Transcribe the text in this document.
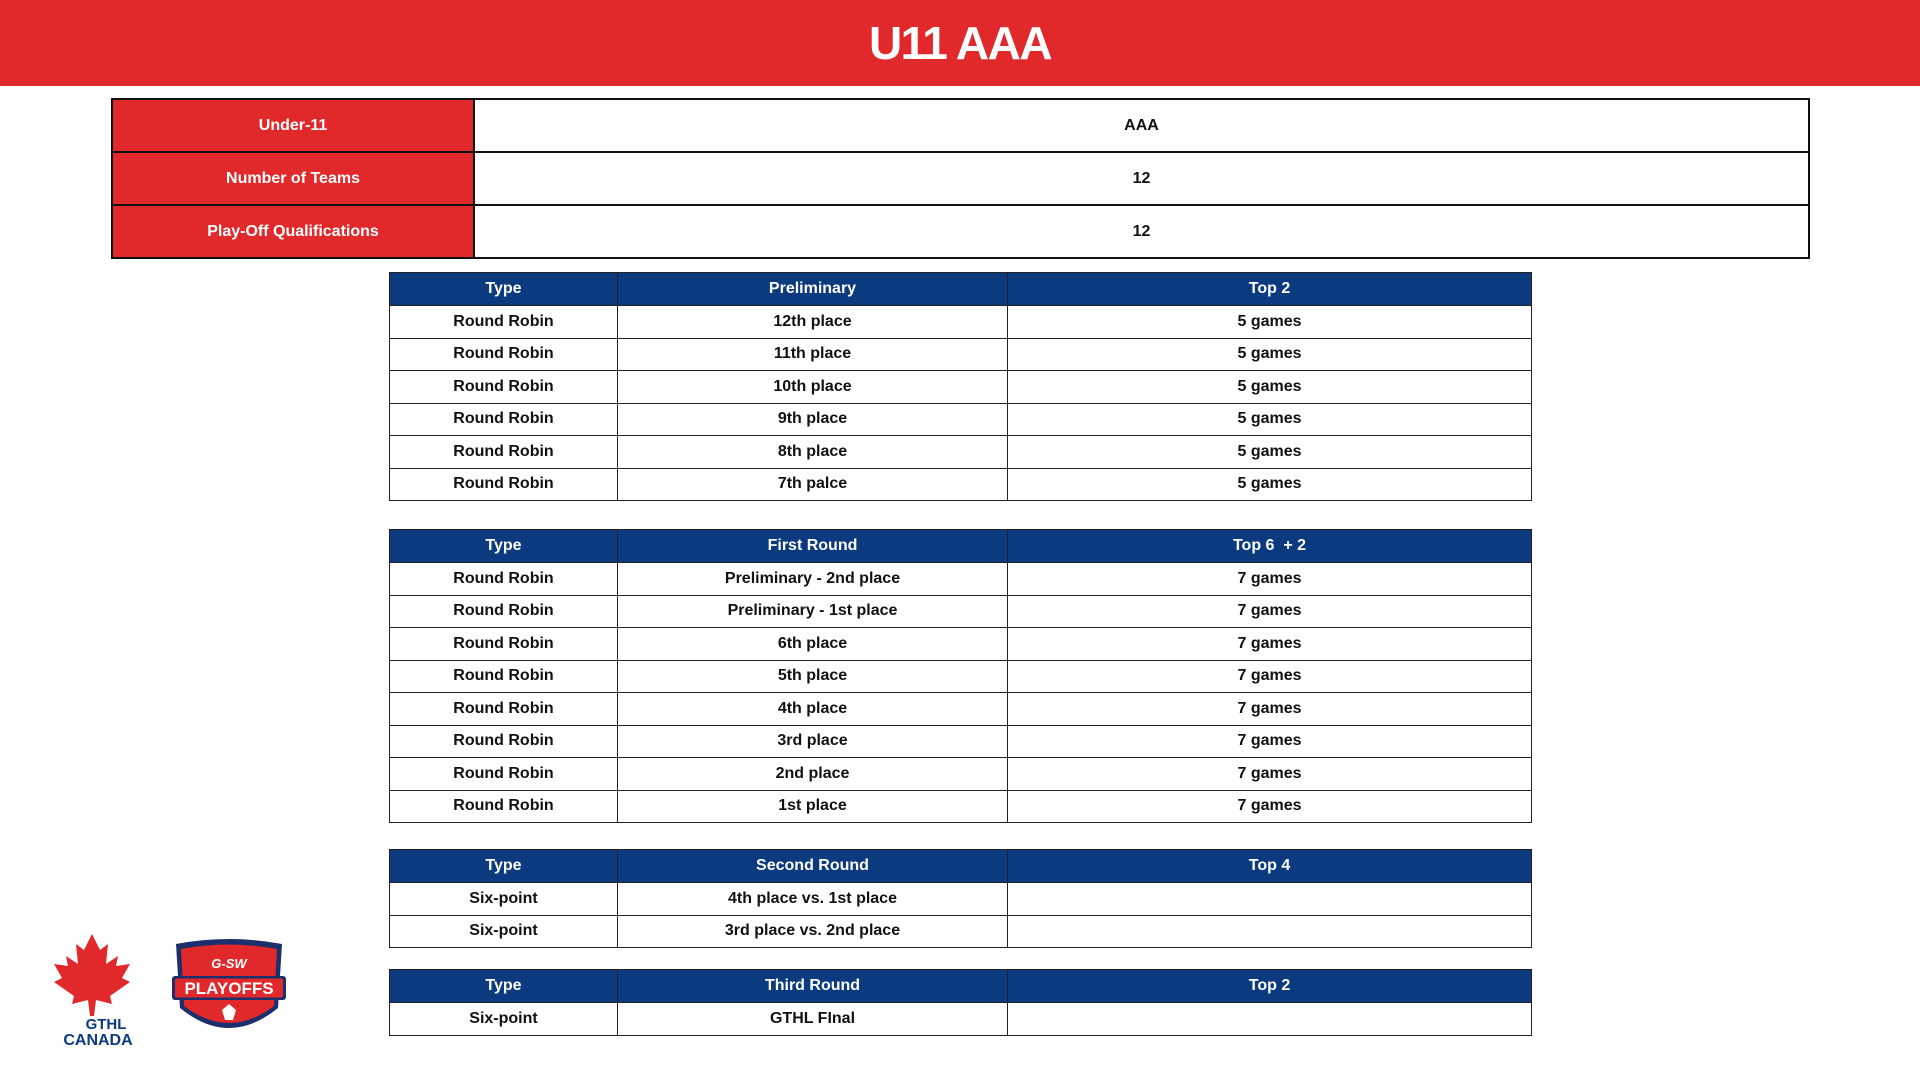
U11 AAA
Under-11	AAA
Number of Teams	12
Play-Off Qualifications	12
Type	Preliminary	Top 2
Round Robin	12th place	5 games
Round Robin	11th place	5 games
Round Robin	10th place	5 games
Round Robin	9th place	5 games
Round Robin	8th place	5 games
Round Robin	7th palce	5 games
Type	First Round	Top 6  + 2
Round Robin	Preliminary - 2nd place	7 games
Round Robin	Preliminary - 1st place	7 games
Round Robin	6th place	7 games
Round Robin	5th place	7 games
Round Robin	4th place	7 games
Round Robin	3rd place	7 games
Round Robin	2nd place	7 games
Round Robin	1st place	7 games
Type	Second Round	Top 4
Six-point	4th place vs. 1st place	
Six-point	3rd place vs. 2nd place	
Type	Third Round	Top 2
Six-point	GTHL FInal	
GTHL
CANADA
G-SW
PLAYOFFS
